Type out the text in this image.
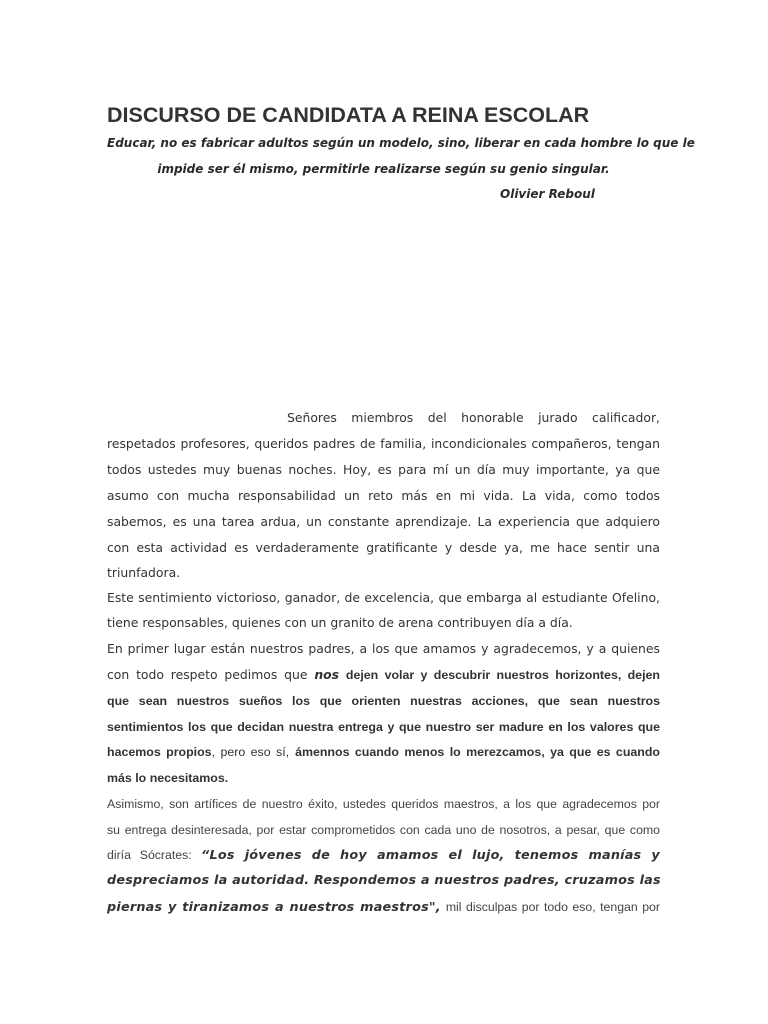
DISCURSO DE CANDIDATA A REINA ESCOLAR
Educar, no es fabricar adultos según un modelo, sino, liberar en cada hombre lo que le
impide ser él mismo, permitirle realizarse según su genio singular.
Olivier Reboul
Señores miembros del honorable jurado calificador,
respetados profesores, queridos padres de familia, incondicionales compañeros, tengan
todos ustedes muy buenas noches. Hoy, es para mí un día muy importante, ya que
asumo con mucha responsabilidad un reto más en mi vida. La vida, como todos
sabemos, es una tarea ardua, un constante aprendizaje. La experiencia que adquiero
con esta actividad es verdaderamente gratificante y desde ya, me hace sentir una
triunfadora.
Este sentimiento victorioso, ganador, de excelencia, que embarga al estudiante Ofelino,
tiene responsables, quienes con un granito de arena contribuyen día a día.
En primer lugar están nuestros padres, a los que amamos y agradecemos, y a quienes
con todo respeto pedimos que nos dejen volar y descubrir nuestros horizontes, dejen
que sean nuestros sueños los que orienten nuestras acciones, que sean nuestros
sentimientos los que decidan nuestra entrega y que nuestro ser madure en los valores que
hacemos propios, pero eso sí, ámennos cuando menos lo merezcamos, ya que es cuando
más lo necesitamos.
Asimismo, son artífices de nuestro éxito, ustedes queridos maestros, a los que agradecemos por
su entrega desinteresada, por estar comprometidos con cada uno de nosotros, a pesar, que como
diría Sócrates: “Los jóvenes de hoy amamos el lujo, tenemos manías y
despreciamos la autoridad. Respondemos a nuestros padres, cruzamos las
piernas y tiranizamos a nuestros maestros", mil disculpas por todo eso, tengan por
